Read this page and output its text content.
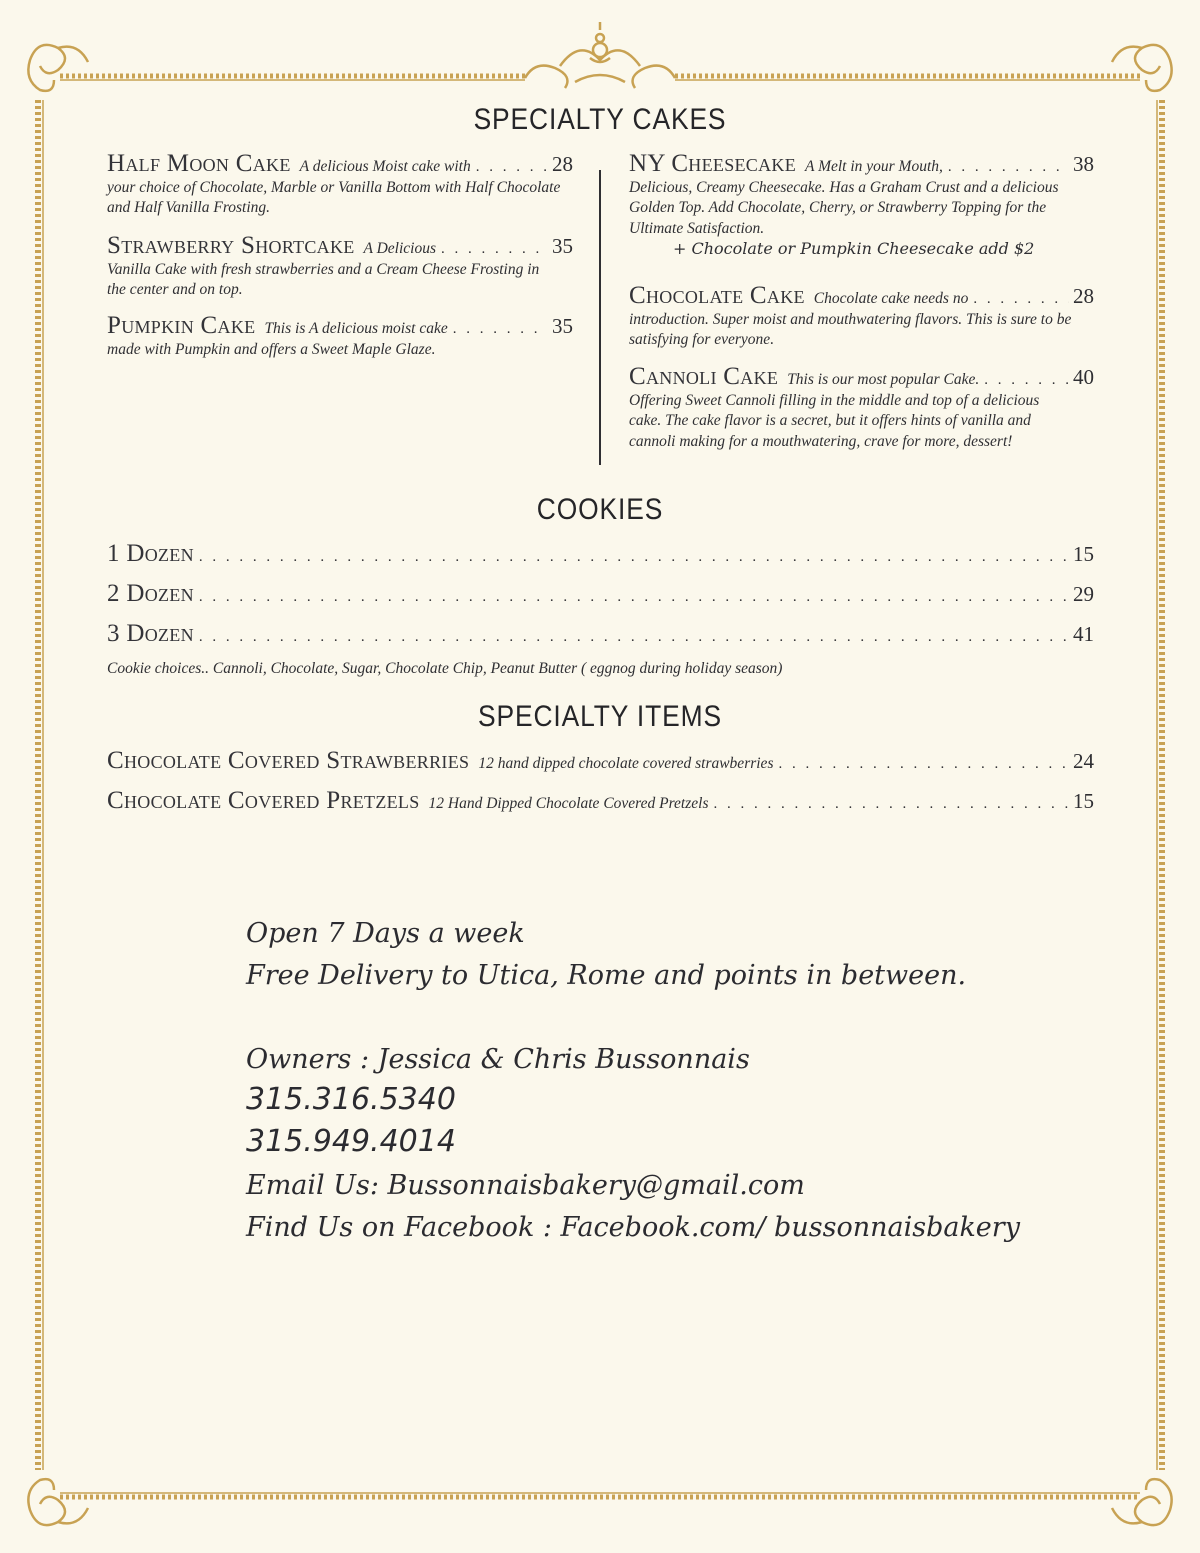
SPECIALTY CAKES
Half Moon Cake A delicious Moist cake with . . .	28
your choice of Chocolate, Marble or Vanilla Bottom with Half Chocolate and Half Vanilla Frosting.
Strawberry Shortcake A Delicious . . .	35
Vanilla Cake with fresh strawberries and a Cream Cheese Frosting in the center and on top.
Pumpkin Cake This is A delicious moist cake . . .	35
made with Pumpkin and offers a Sweet Maple Glaze.
NY Cheesecake A Melt in your Mouth, . . .	38
Delicious, Creamy Cheesecake. Has a Graham Crust and a delicious Golden Top. Add Chocolate, Cherry, or Strawberry Topping for the Ultimate Satisfaction.
+ Chocolate or Pumpkin Cheesecake add $2
Chocolate Cake Chocolate cake needs no . . .	28
introduction. Super moist and mouthwatering flavors. This is sure to be satisfying for everyone.
Cannoli Cake This is our most popular Cake. . . .	40
Offering Sweet Cannoli filling in the middle and top of a delicious cake. The cake flavor is a secret, but it offers hints of vanilla and cannoli making for a mouthwatering, crave for more, dessert!
COOKIES
1 Dozen . . .	15
2 Dozen . . .	29
3 Dozen . . .	41
Cookie choices.. Cannoli, Chocolate, Sugar, Chocolate Chip, Peanut Butter ( eggnog during holiday season)
SPECIALTY ITEMS
Chocolate Covered Strawberries 12 hand dipped chocolate covered strawberries . . .	24
Chocolate Covered Pretzels 12 Hand Dipped Chocolate Covered Pretzels . . .	15

Open 7 Days a week

Free Delivery to Utica, Rome and points in between.

Owners : Jessica & Chris Bussonnais

315.316.5340

315.949.4014

Email Us: Bussonnaisbakery@gmail.com

Find Us on Facebook : Facebook.com/ bussonnaisbakery
